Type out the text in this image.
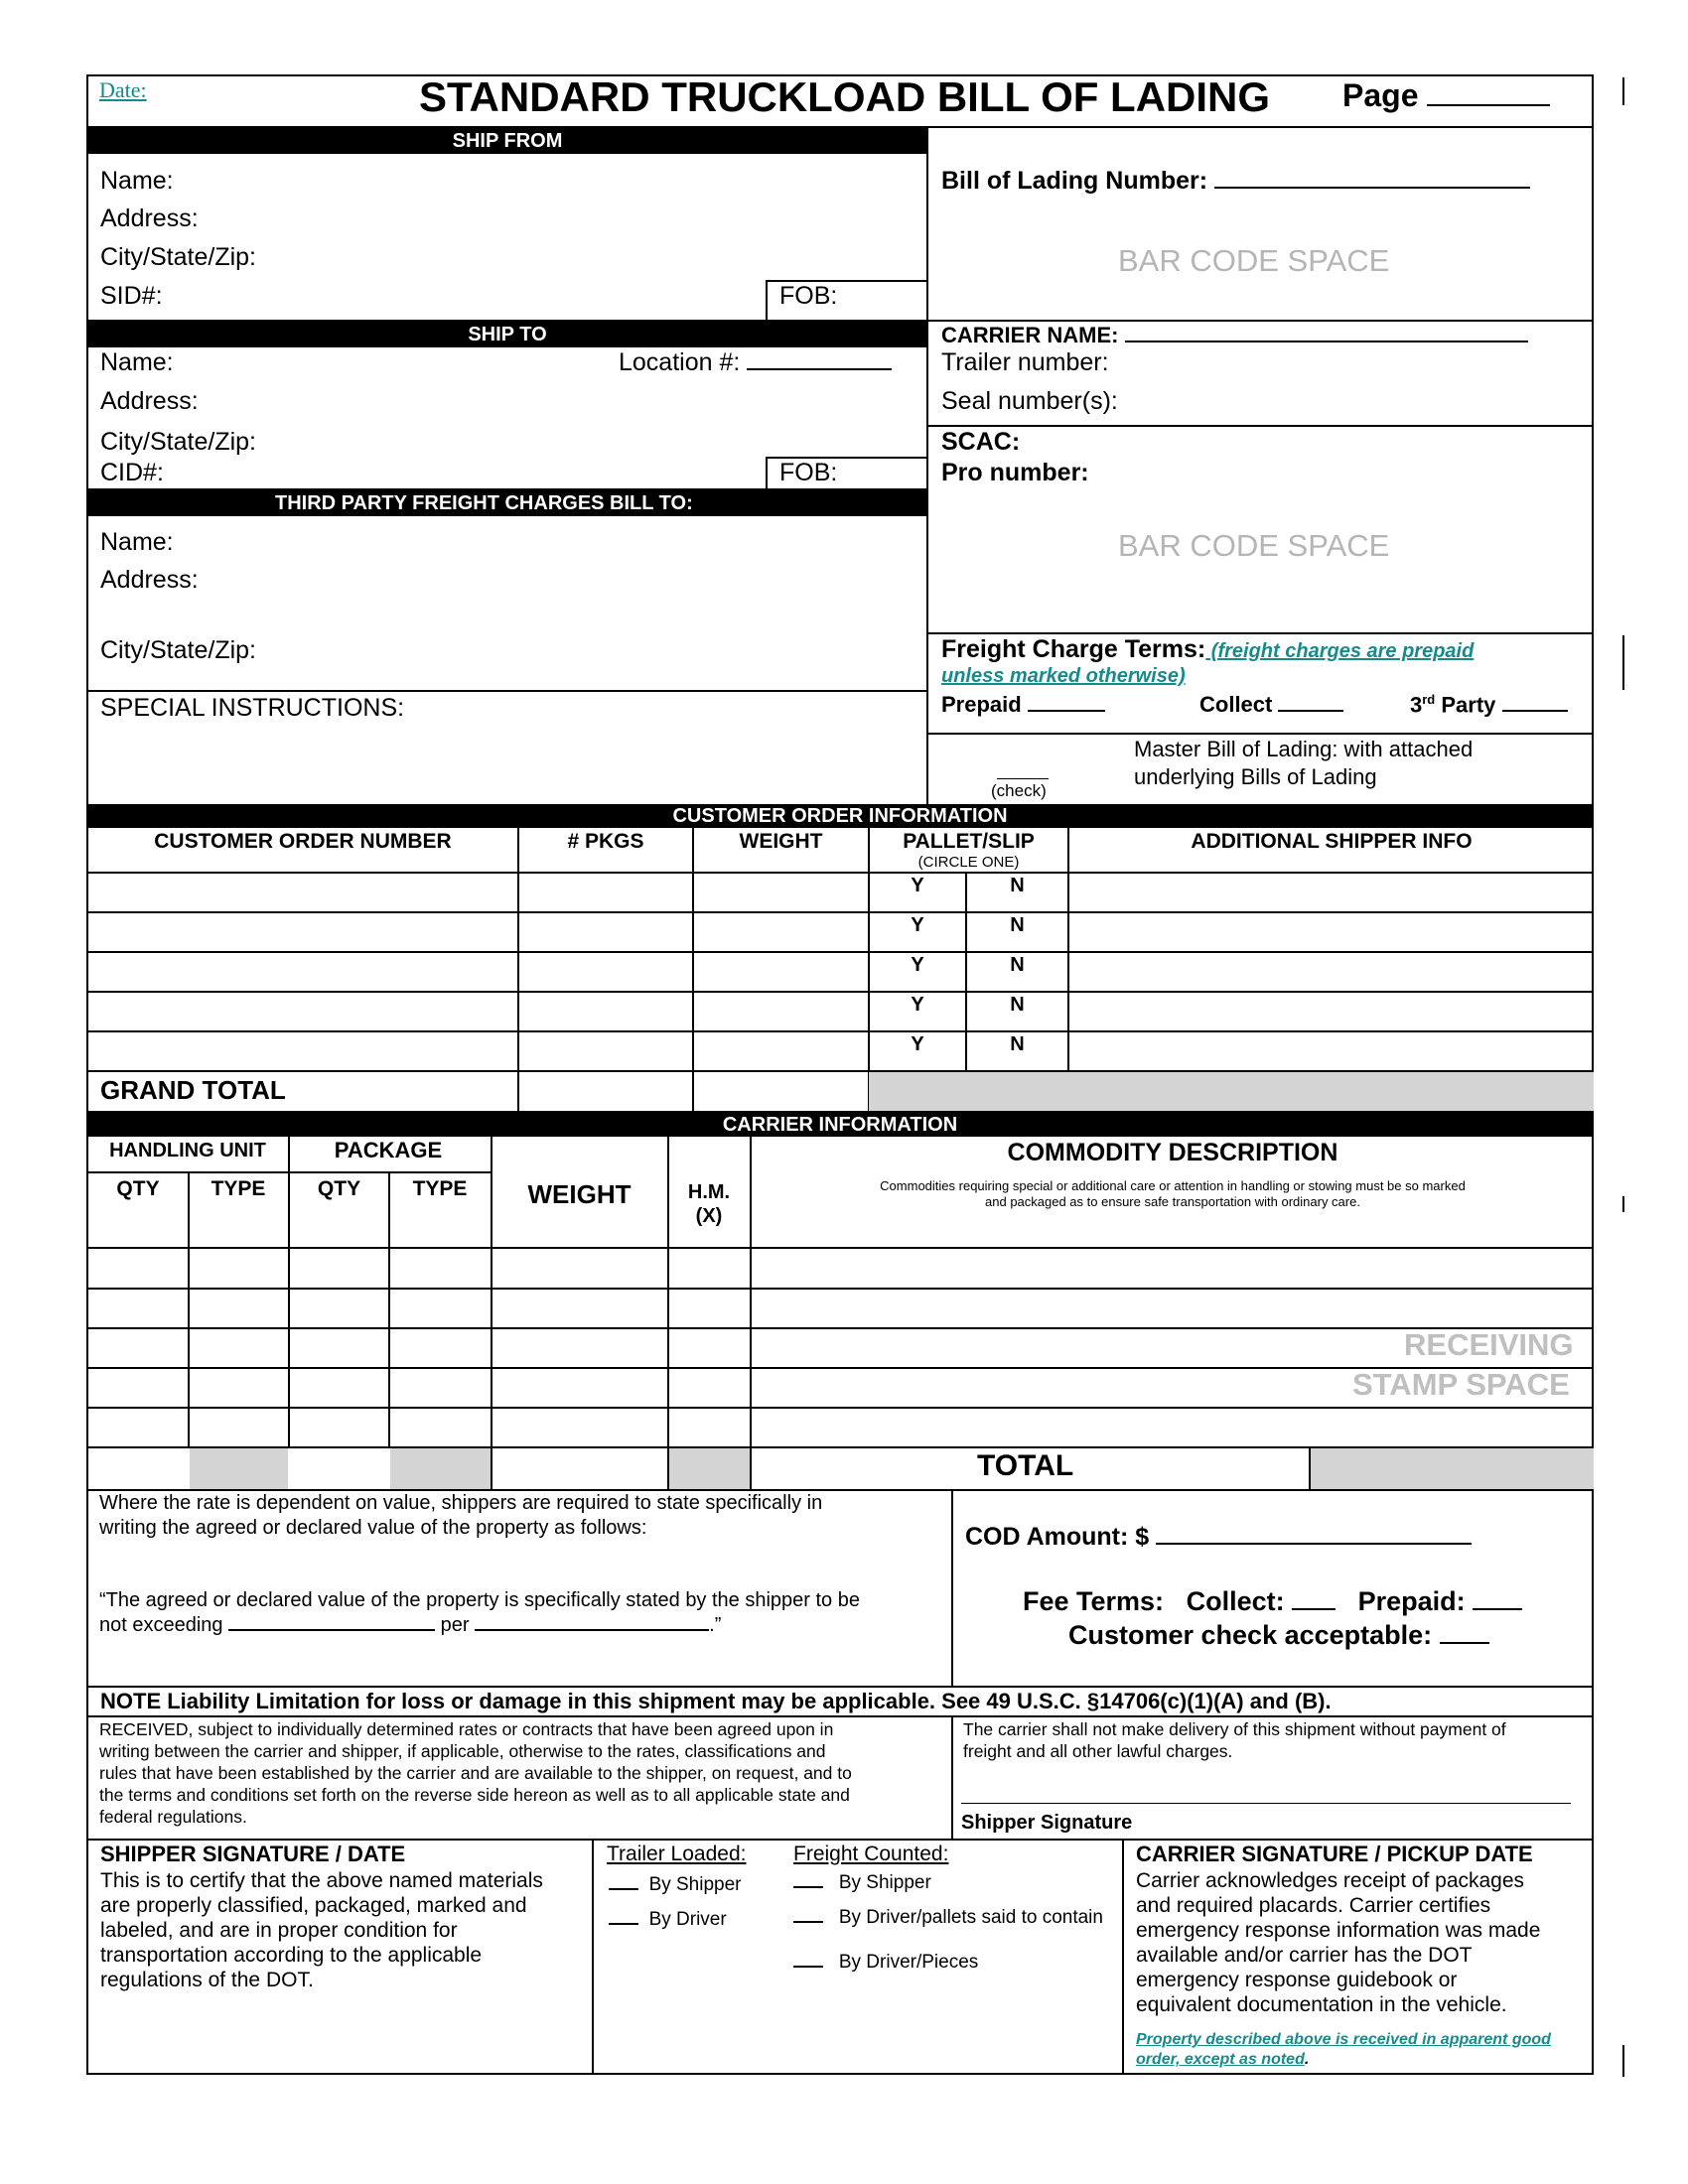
Date:	STANDARD TRUCKLOAD BILL OF LADING Page
SHIP FROM
Name:
Address:
City/State/Zip:
SID#:	FOB:
Bill of Lading Number:
BAR CODE SPACE
SHIP TO
Name:	Location #:
Address:
City/State/Zip:
CID#:	FOB:
CARRIER NAME:
Trailer number:
Seal number(s):
SCAC:
Pro number:
BAR CODE SPACE
THIRD PARTY FREIGHT CHARGES BILL TO:
Name:
Address:
City/State/Zip:	Freight Charge Terms: (freight charges are prepaid
unless marked otherwise)
Prepaid	Collect	3rd Party
SPECIAL INSTRUCTIONS:
(check)
Master Bill of Lading: with attached
underlying Bills of Lading
CUSTOMER ORDER INFORMATION
CUSTOMER ORDER NUMBER	# PKGS	WEIGHT	PALLET/SLIP	ADDITIONAL SHIPPER INFO
(CIRCLE ONE)
Y	N
Y	N
Y	N
Y	N
Y	N
GRAND TOTAL
CARRIER INFORMATION
HANDLING UNIT	PACKAGE
QTY	TYPE	QTY	TYPE	WEIGHT	H.M.
(X)
COMMODITY DESCRIPTION
Commodities requiring special or additional care or attention in handling or stowing must be so marked
and packaged as to ensure safe transportation with ordinary care.
RECEIVING
STAMP SPACE
TOTAL
Where the rate is dependent on value, shippers are required to state specifically in
writing the agreed or declared value of the property as follows:
“The agreed or declared value of the property is specifically stated by the shipper to be
not exceeding	per	.”
COD Amount: $
Fee Terms: Collect:	Prepaid:
Customer check acceptable:
NOTE Liability Limitation for loss or damage in this shipment may be applicable. See 49 U.S.C. §14706(c)(1)(A) and (B).
RECEIVED, subject to individually determined rates or contracts that have been agreed upon in
writing between the carrier and shipper, if applicable, otherwise to the rates, classifications and
rules that have been established by the carrier and are available to the shipper, on request, and to
the terms and conditions set forth on the reverse side hereon as well as to all applicable state and
federal regulations.
The carrier shall not make delivery of this shipment without payment of
freight and all other lawful charges.
Shipper Signature
SHIPPER SIGNATURE / DATE
This is to certify that the above named materials
are properly classified, packaged, marked and
labeled, and are in proper condition for
transportation according to the applicable
regulations of the DOT.
Trailer Loaded:
By Shipper
By Driver
Freight Counted:
By Shipper
By Driver/pallets said to contain
By Driver/Pieces
CARRIER SIGNATURE / PICKUP DATE
Carrier acknowledges receipt of packages
and required placards. Carrier certifies
emergency response information was made
available and/or carrier has the DOT
emergency response guidebook or
equivalent documentation in the vehicle.
Property described above is received in apparent good
order, except as noted.
